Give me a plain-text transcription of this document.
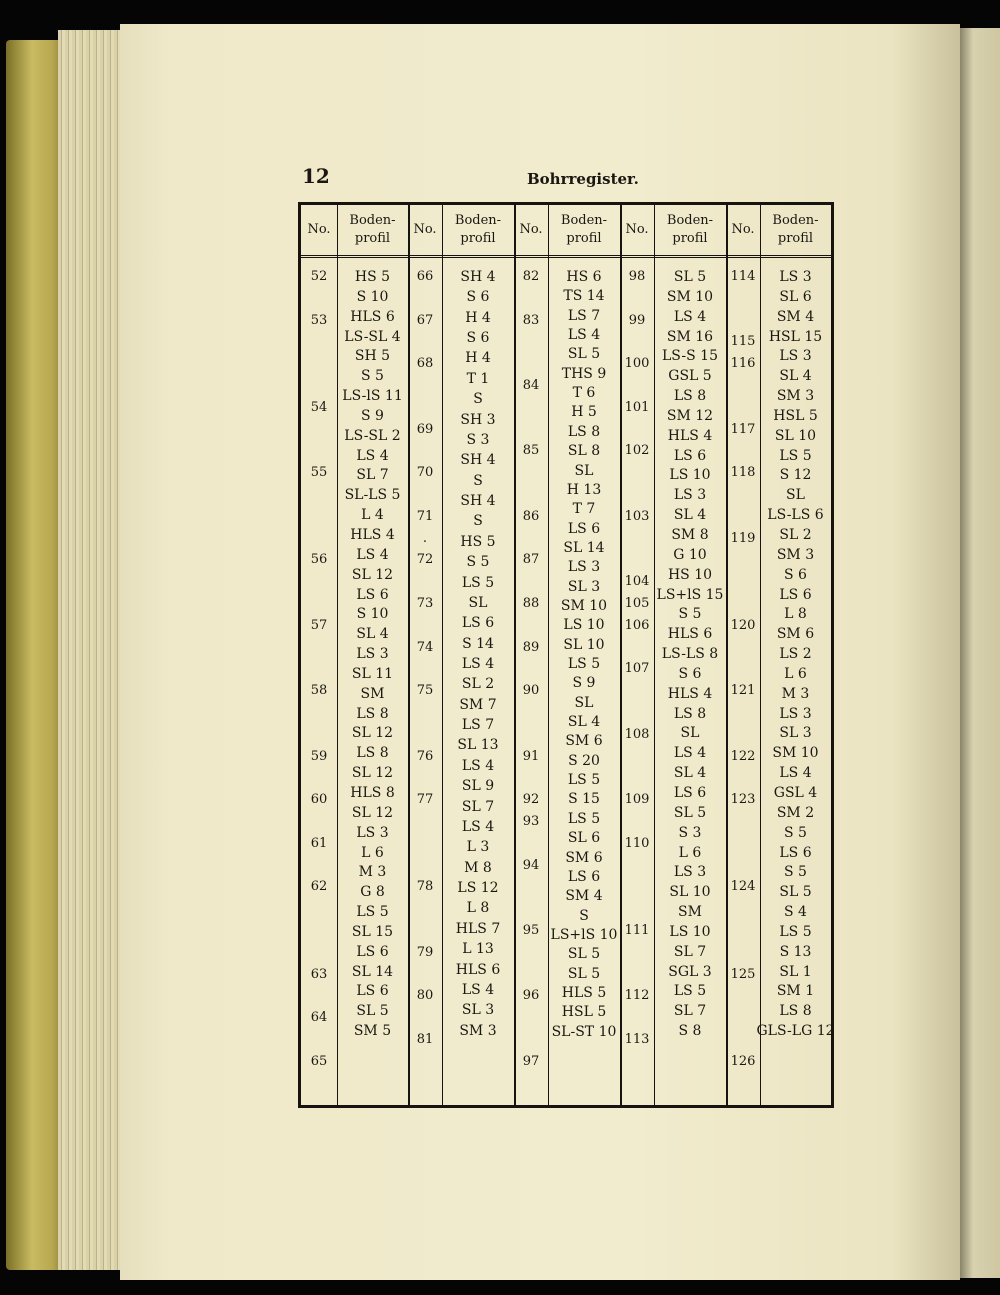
12	Bohrregister.
No.
Boden-
profil
No.
Boden-
profil
No.
Boden-
profil
No.
Boden-
profil
No.
Boden-
profil
52
53
54
55
56
57
58
59
60
61
62
63
64
65
HS 5
S 10
HLS 6
LS-SL 4
SH 5
S 5
LS-lS 11
S 9
LS-SL 2
LS 4
SL 7
SL-LS 5
L 4
HLS 4
LS 4
SL 12
LS 6
S 10
SL 4
LS 3
SL 11
SM
LS 8
SL 12
LS 8
SL 12
HLS 8
SL 12
LS 3
L 6
M 3
G 8
LS 5
SL 15
LS 6
SL 14
LS 6
SL 5
SM 5
66
67
68
69
70
71
.
72
73
74
75
76
77
78
79
80
81
SH 4
S 6
H 4
S 6
H 4
T 1
S
SH 3
S 3
SH 4
S
SH 4
S
HS 5
S 5
LS 5
SL
LS 6
S 14
LS 4
SL 2
SM 7
LS 7
SL 13
LS 4
SL 9
SL 7
LS 4
L 3
M 8
LS 12
L 8
HLS 7
L 13
HLS 6
LS 4
SL 3
SM 3
82
83
84
85
86
87
88
89
90
91
92
93
94
95
96
97
HS 6
TS 14
LS 7
LS 4
SL 5
THS 9
T 6
H 5
LS 8
SL 8
SL
H 13
T 7
LS 6
SL 14
LS 3
SL 3
SM 10
LS 10
SL 10
LS 5
S 9
SL
SL 4
SM 6
S 20
LS 5
S 15
LS 5
SL 6
SM 6
LS 6
SM 4
S
LS+lS 10
SL 5
SL 5
HLS 5
HSL 5
SL-ST 10
98
99
100
101
102
103
104
105
106
107
108
109
110
111
112
113
SL 5
SM 10
LS 4
SM 16
LS-S 15
GSL 5
LS 8
SM 12
HLS 4
LS 6
LS 10
LS 3
SL 4
SM 8
G 10
HS 10
LS+lS 15
S 5
HLS 6
LS-LS 8
S 6
HLS 4
LS 8
SL
LS 4
SL 4
LS 6
SL 5
S 3
L 6
LS 3
SL 10
SM
LS 10
SL 7
SGL 3
LS 5
SL 7
S 8
114
115
116
117
118
119
120
121
122
123
124
125
126
LS 3
SL 6
SM 4
HSL 15
LS 3
SL 4
SM 3
HSL 5
SL 10
LS 5
S 12
SL
LS-LS 6
SL 2
SM 3
S 6
LS 6
L 8
SM 6
LS 2
L 6
M 3
LS 3
SL 3
SM 10
LS 4
GSL 4
SM 2
S 5
LS 6
S 5
SL 5
S 4
LS 5
S 13
SL 1
SM 1
LS 8
GLS-LG 12
